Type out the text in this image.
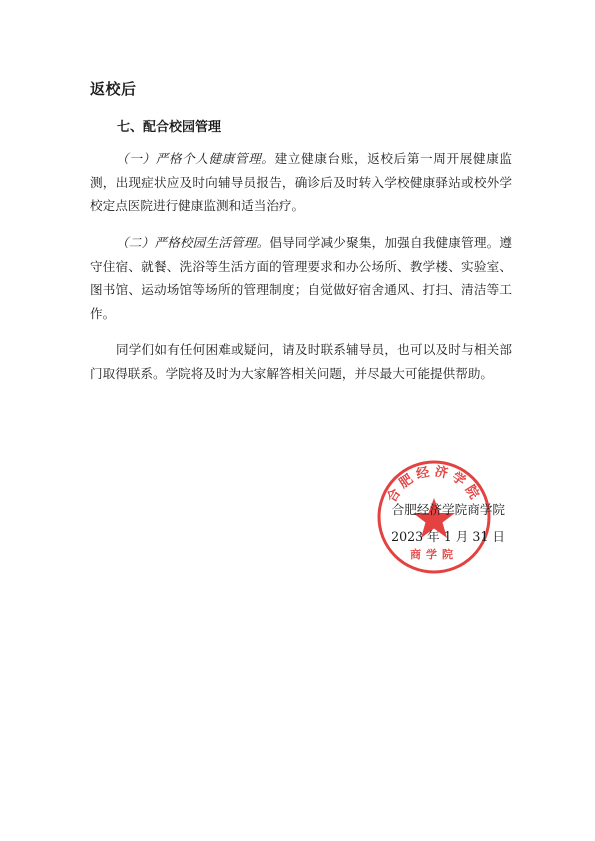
返校后
七、配合校园管理

（一）严格个人健康管理。建立健康台账，返校后第一周开展健康监测，出现症状应及时向辅导员报告，确诊后及时转入学校健康驿站或校外学校定点医院进行健康监测和适当治疗。

（二）严格校园生活管理。倡导同学减少聚集，加强自我健康管理。遵守住宿、就餐、洗浴等生活方面的管理要求和办公场所、教学楼、实验室、图书馆、运动场馆等场所的管理制度；自觉做好宿舍通风、打扫、清洁等工作。

同学们如有任何困难或疑问，请及时联系辅导员，也可以及时与相关部门取得联系。学院将及时为大家解答相关问题，并尽最大可能提供帮助。

合肥经济学院
商学院
合肥经济学院商学院
2023 年 1 月 31 日
